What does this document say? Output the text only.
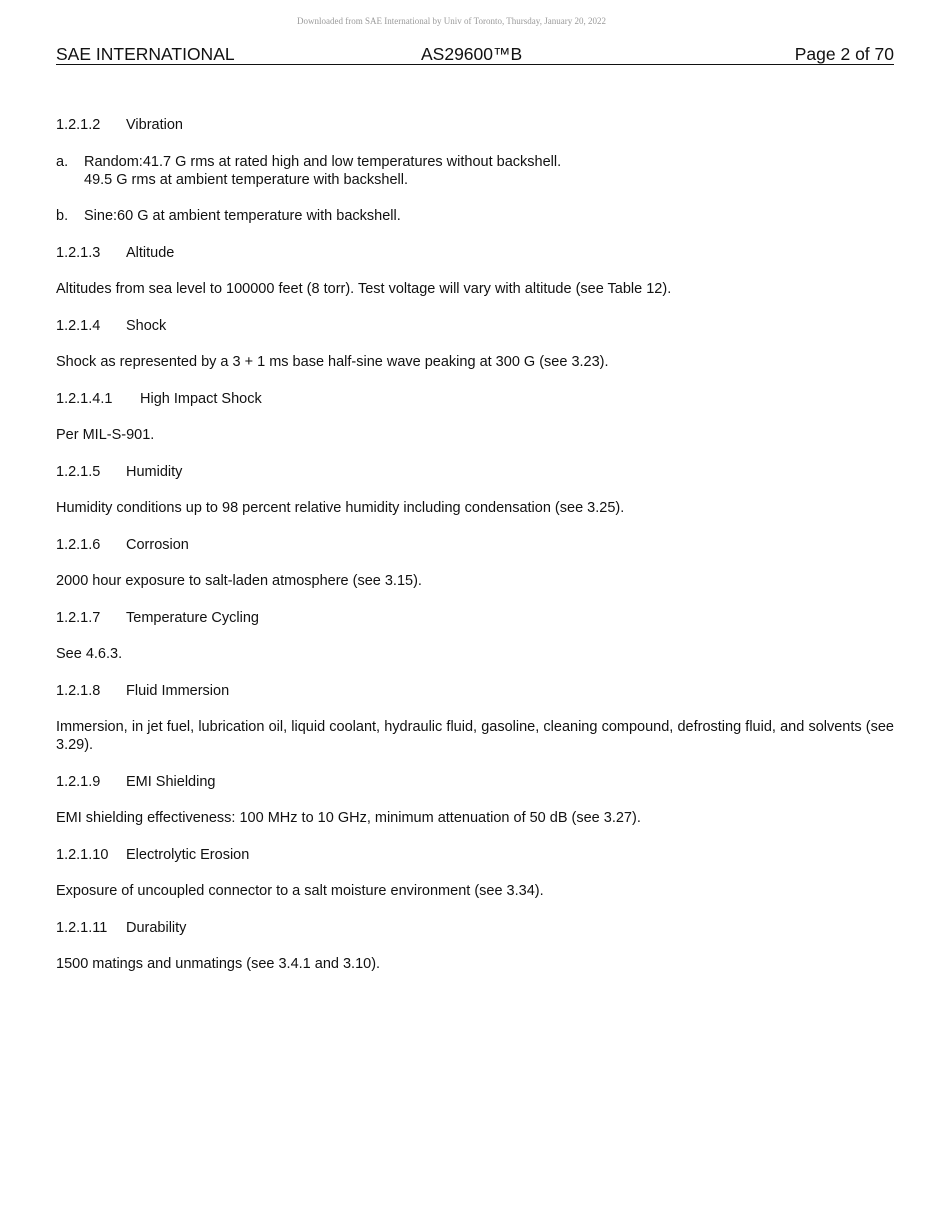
Downloaded from SAE International by Univ of Toronto, Thursday, January 20, 2022
SAE INTERNATIONAL	AS29600™B	Page 2 of 70
1.2.1.2 Vibration
a.	Random:41.7 G rms at rated high and low temperatures without backshell.
49.5 G rms at ambient temperature with backshell.
b.	Sine:60 G at ambient temperature with backshell.
1.2.1.3 Altitude

Altitudes from sea level to 100000 feet (8 torr). Test voltage will vary with altitude (see Table 12).

1.2.1.4 Shock

Shock as represented by a 3 + 1 ms base half-sine wave peaking at 300 G (see 3.23).

1.2.1.4.1 High Impact Shock

Per MIL-S-901.

1.2.1.5 Humidity

Humidity conditions up to 98 percent relative humidity including condensation (see 3.25).

1.2.1.6 Corrosion

2000 hour exposure to salt-laden atmosphere (see 3.15).

1.2.1.7 Temperature Cycling

See 4.6.3.

1.2.1.8 Fluid Immersion

Immersion, in jet fuel, lubrication oil, liquid coolant, hydraulic fluid, gasoline, cleaning compound, defrosting fluid, and solvents (see 3.29).

1.2.1.9 EMI Shielding

EMI shielding effectiveness: 100 MHz to 10 GHz, minimum attenuation of 50 dB (see 3.27).

1.2.1.10 Electrolytic Erosion

Exposure of uncoupled connector to a salt moisture environment (see 3.34).

1.2.1.11 Durability

1500 matings and unmatings (see 3.4.1 and 3.10).
